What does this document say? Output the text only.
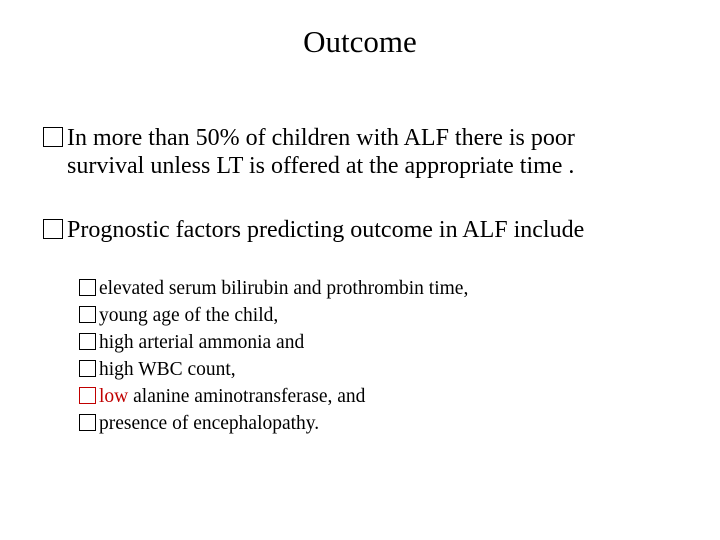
Outcome
In more than 50% of children with ALF there is poor
survival unless LT is offered at the appropriate time .
Prognostic factors predicting outcome in ALF include
elevated serum bilirubin and prothrombin time,
young age of the child,
high arterial ammonia and
high WBC count,
low alanine aminotransferase, and
presence of encephalopathy.
